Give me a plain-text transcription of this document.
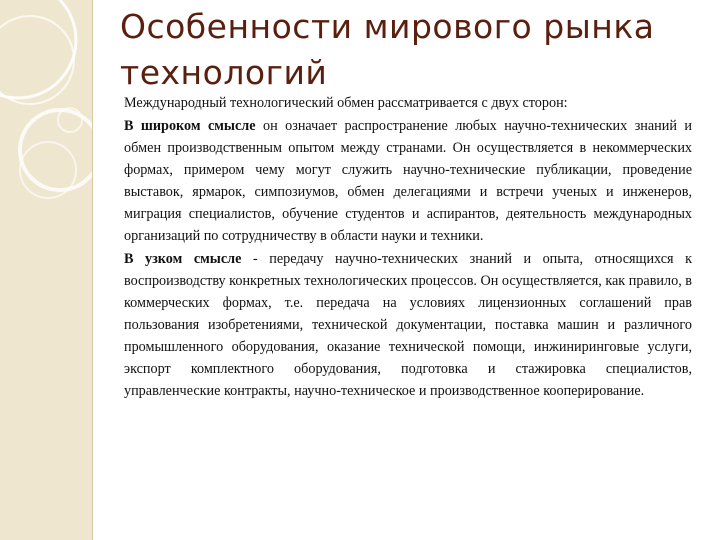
Особенности мирового рынка технологий

Международный технологический обмен рассматривается с двух сторон:

В широком смысле он означает распространение любых научно-технических знаний и обмен производственным опытом между странами. Он осуществляется в некоммерческих формах, примером чему могут служить научно-технические публикации, проведение выставок, ярмарок, симпозиумов, обмен делегациями и встречи ученых и инженеров, миграция специалистов, обучение студентов и аспирантов, деятельность международных организаций по сотрудничеству в области науки и техники.

В узком смысле - передачу научно-технических знаний и опыта, относящихся к воспроизводству конкретных технологических процессов. Он осуществляется, как правило, в коммерческих формах, т.е. передача на условиях лицензионных соглашений прав пользования изобретениями, технической документации, поставка машин и различного промышленного оборудования, оказание технической помощи, инжиниринговые услуги, экспорт комплектного оборудования, подготовка и стажировка специалистов, управленческие контракты, научно-техническое и производственное кооперирование.
